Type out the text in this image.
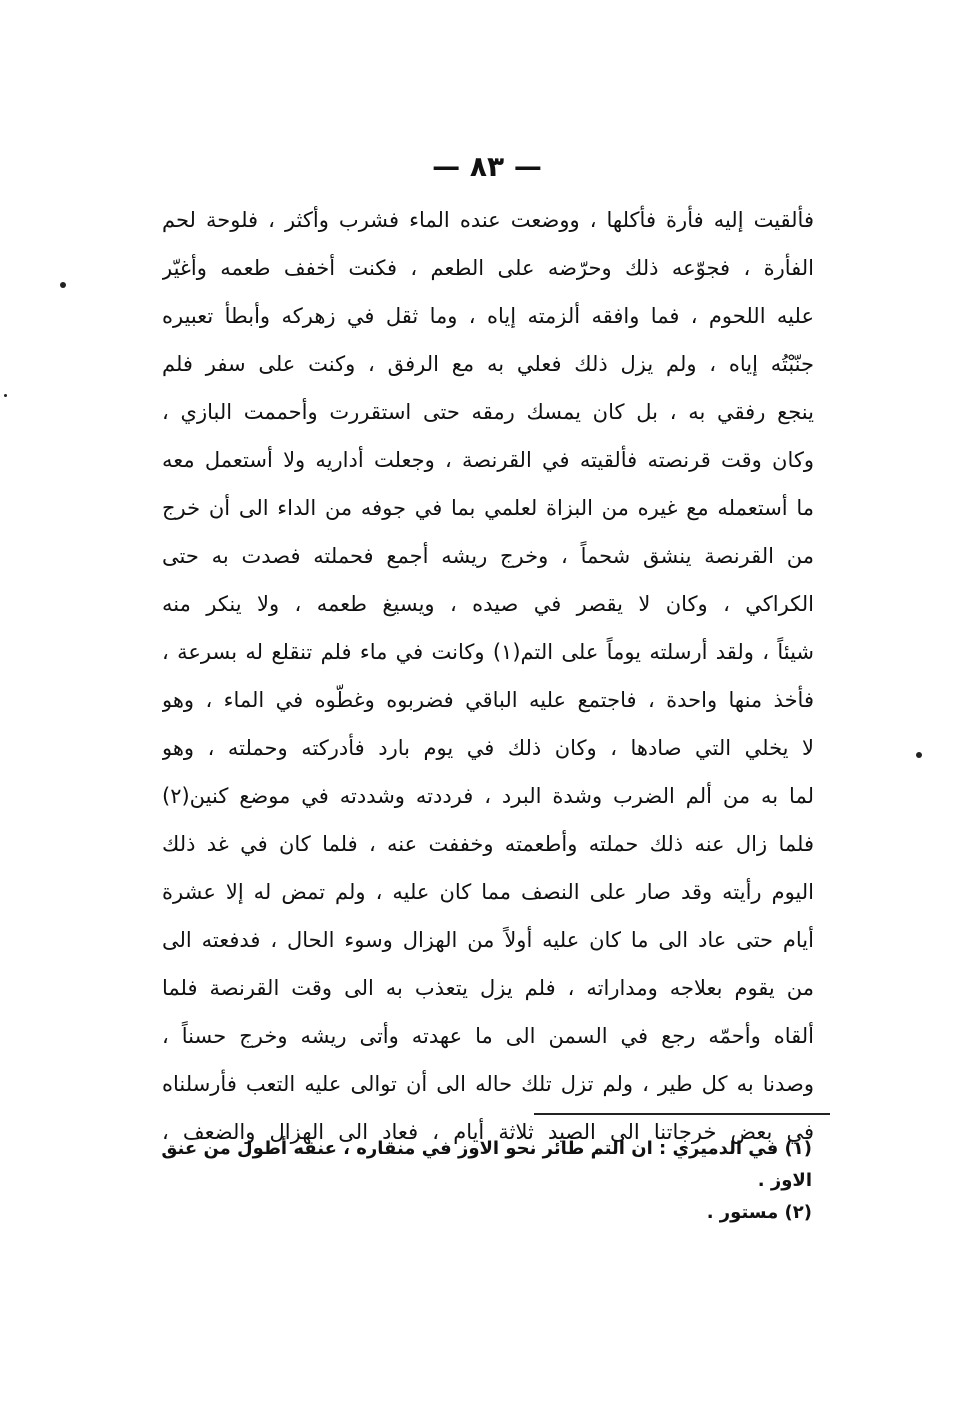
— ٨٣ —
فألقيت إليه فأرة فأكلها ، ووضعت عنده الماء فشرب وأكثر ، فلوحة لحم
الفأرة ، فجوّعه ذلك وحرّضه على الطعم ، فكنت أخفف طعمه وأغيّر
عليه اللحوم ، فما وافقه ألزمته إياه ، وما ثقل في زهركه وأبطأ تعبيره
جنّبْتُه إياه ، ولم يزل ذلك فعلي به مع الرفق ، وكنت على سفر فلم
ينجع رفقي به ، بل كان يمسك رمقه حتى استقررت وأحممت البازي ،
وكان وقت قرنصته فألقيته في القرنصة ، وجعلت أداريه ولا أستعمل معه
ما أستعمله مع غيره من البزاة لعلمي بما في جوفه من الداء الى أن خرج
من القرنصة ينشق شحماً ، وخرج ريشه أجمع فحملته فصدت به حتى
الكراكي ، وكان لا يقصر في صيده ، ويسيغ طعمه ، ولا ينكر منه
شيئاً ، ولقد أرسلته يوماً على التم(١) وكانت في ماء فلم تنقلع له بسرعة ،
فأخذ منها واحدة ، فاجتمع عليه الباقي فضربوه وغطّوه في الماء ، وهو
لا يخلي التي صادها ، وكان ذلك في يوم بارد فأدركته وحملته ، وهو
لما به من ألم الضرب وشدة البرد ، فرددته وشددته في موضع كنين(٢)
فلما زال عنه ذلك حملته وأطعمته وخففت عنه ، فلما كان في غد ذلك
اليوم رأيته وقد صار على النصف مما كان عليه ، ولم تمض له إلا عشرة
أيام حتى عاد الى ما كان عليه أولاً من الهزال وسوء الحال ، فدفعته الى
من يقوم بعلاجه ومداراته ، فلم يزل يتعذب به الى وقت القرنصة فلما
ألقاه وأحمّه رجع في السمن الى ما عهدته وأتى ريشه وخرج حسناً ،
وصدنا به كل طير ، ولم تزل تلك حاله الى أن توالى عليه التعب فأرسلناه
في بعض خرجاتنا الى الصيد ثلاثة أيام ، فعاد الى الهزال والضعف ،
(١) في الدميري : ان التم طائر نحو الاوز في منقاره ، عنقه أطول من عنق
الاوز .
(٢) مستور .
